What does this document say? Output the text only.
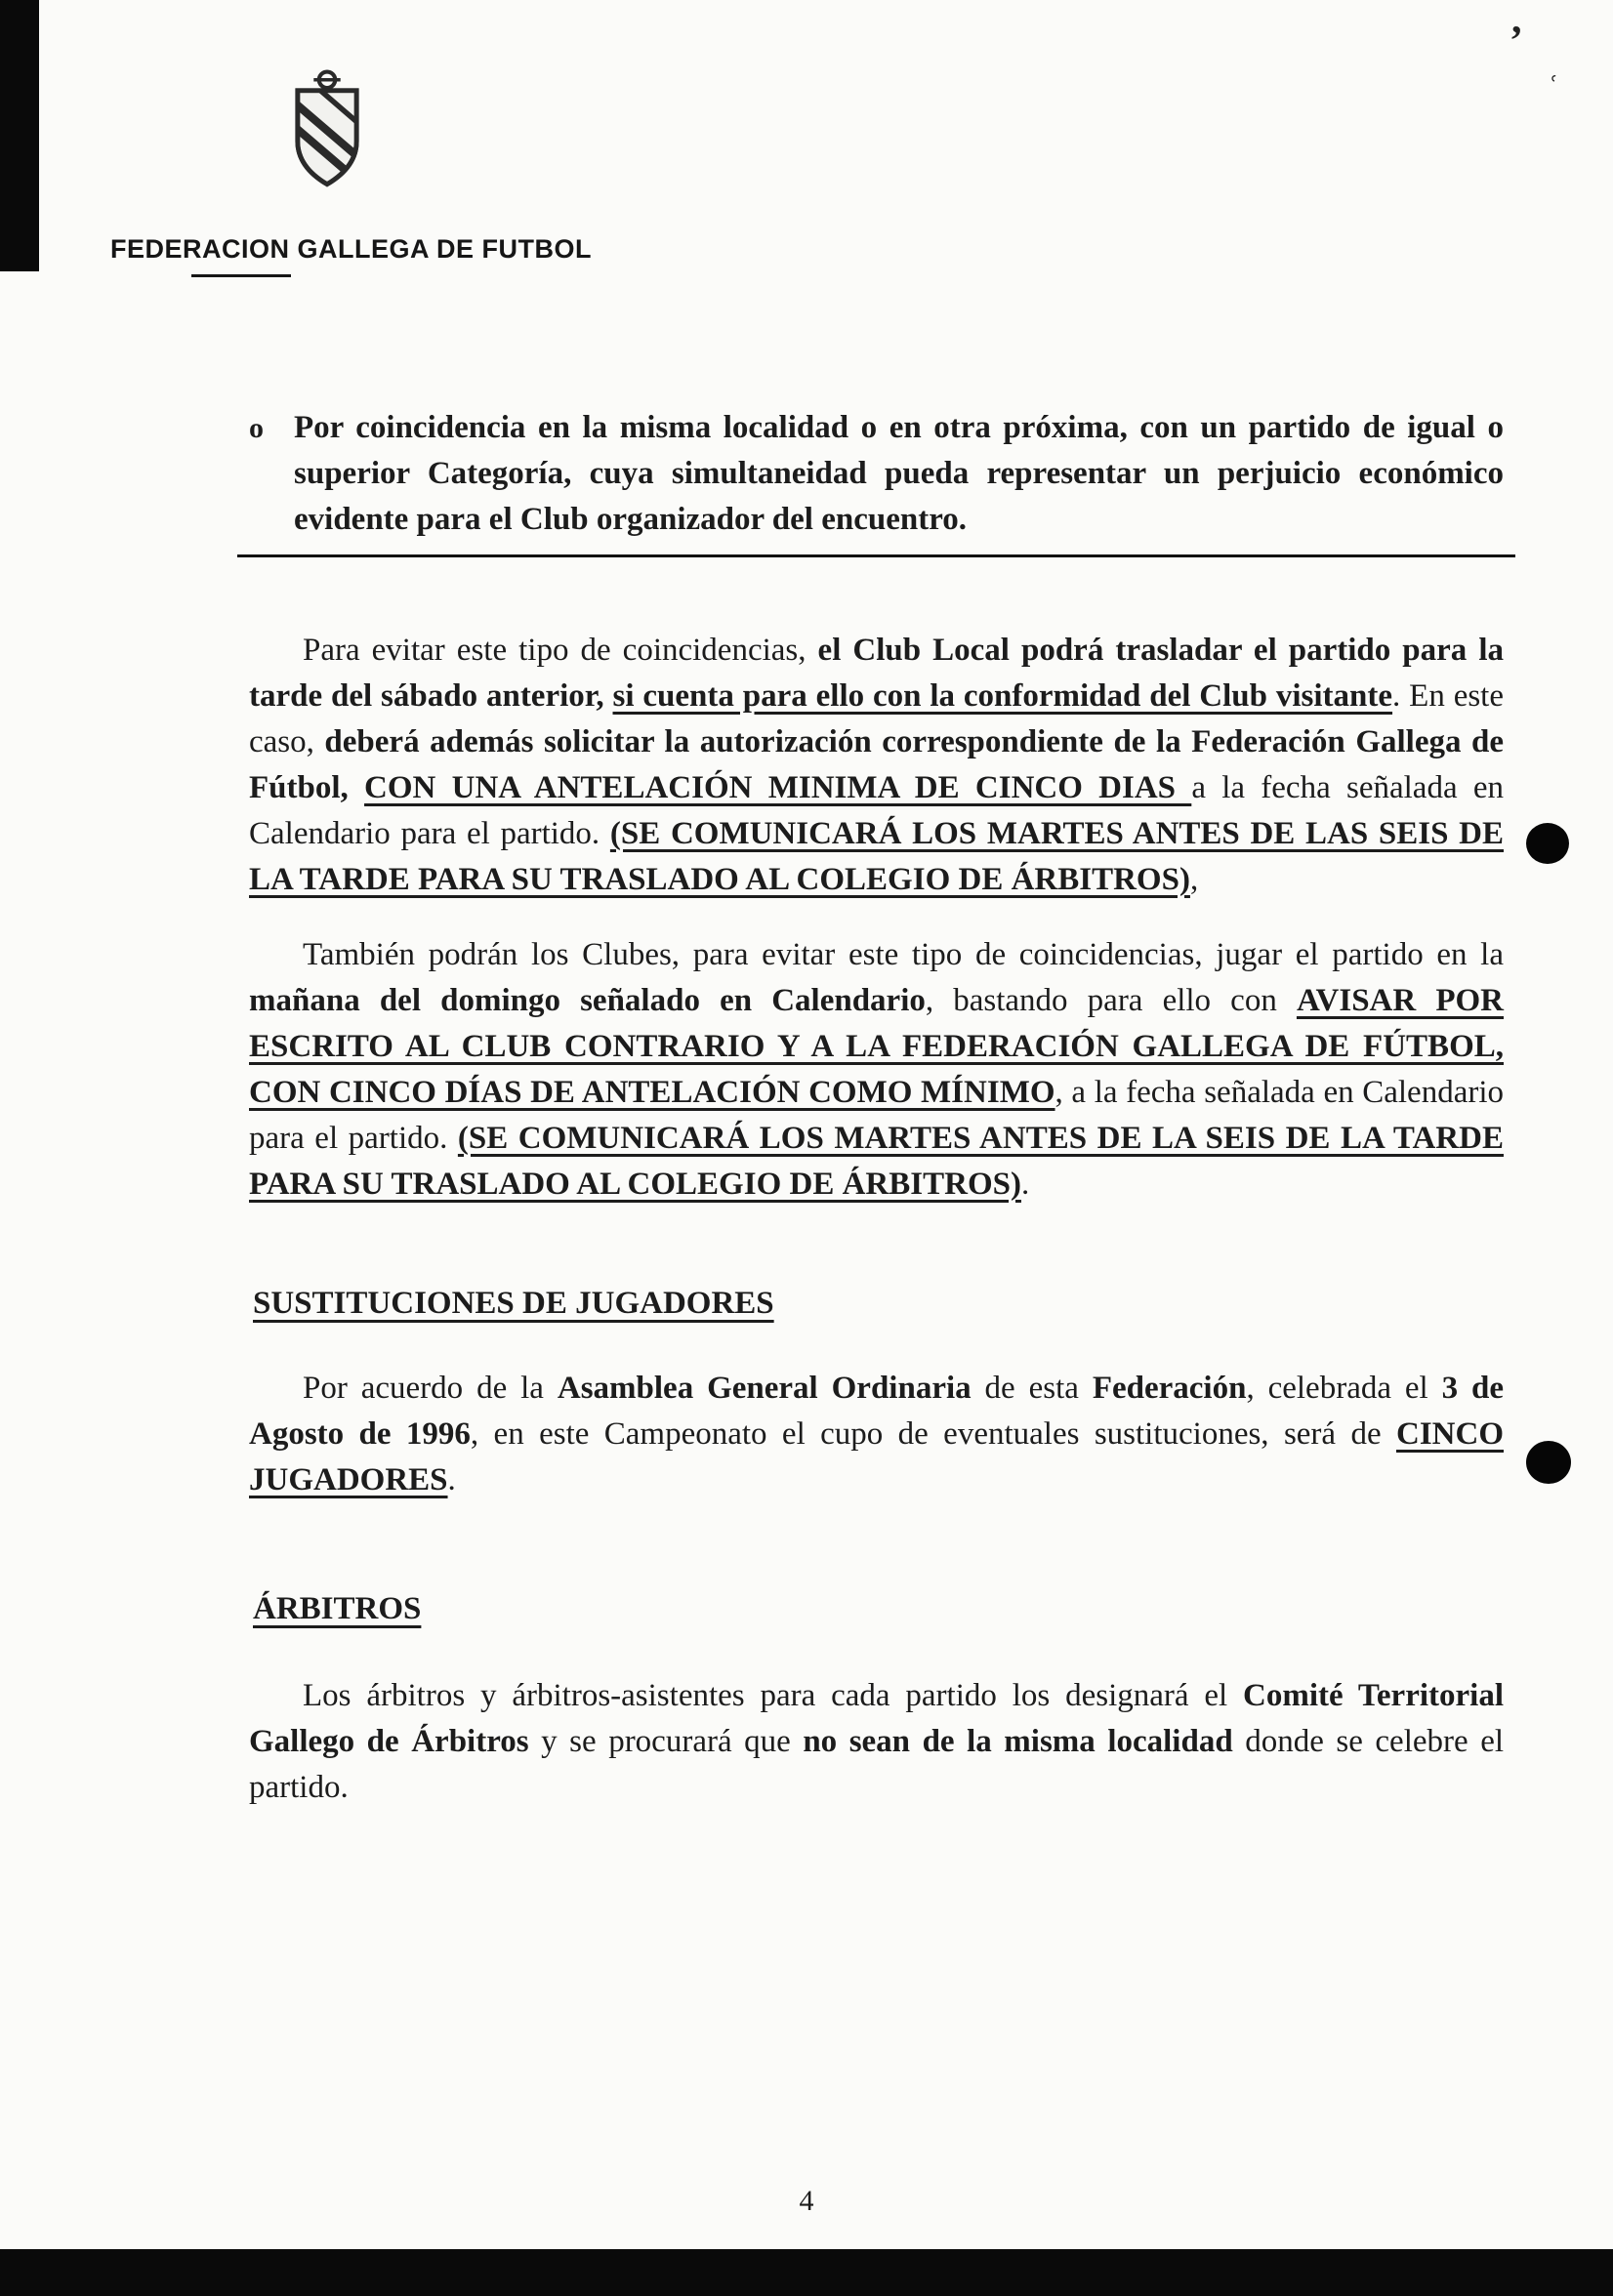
,
ʿ
FEDERACION GALLEGA DE FUTBOL
o Por coincidencia en la misma localidad o en otra próxima, con un partido de igual o superior Categoría, cuya simultaneidad pueda representar un perjuicio económico evidente para el Club organizador del encuentro.

Para evitar este tipo de coincidencias, el Club Local podrá trasladar el partido para la tarde del sábado anterior, si cuenta para ello con la conformidad del Club visitante. En este caso, deberá además solicitar la autorización correspondiente de la Federación Gallega de Fútbol, CON UNA ANTELACIÓN MINIMA DE CINCO DIAS a la fecha señalada en Calendario para el partido. (SE COMUNICARÁ LOS MARTES ANTES DE LAS SEIS DE LA TARDE PARA SU TRASLADO AL COLEGIO DE ÁRBITROS),

También podrán los Clubes, para evitar este tipo de coincidencias, jugar el partido en la mañana del domingo señalado en Calendario, bastando para ello con AVISAR POR ESCRITO AL CLUB CONTRARIO Y A LA FEDERACIÓN GALLEGA DE FÚTBOL, CON CINCO DÍAS DE ANTELACIÓN COMO MÍNIMO, a la fecha señalada en Calendario para el partido. (SE COMUNICARÁ LOS MARTES ANTES DE LA SEIS DE LA TARDE PARA SU TRASLADO AL COLEGIO DE ÁRBITROS).

SUSTITUCIONES DE JUGADORES

Por acuerdo de la Asamblea General Ordinaria de esta Federación, celebrada el 3 de Agosto de 1996, en este Campeonato el cupo de eventuales sustituciones, será de CINCO JUGADORES.

ÁRBITROS

Los árbitros y árbitros-asistentes para cada partido los designará el Comité Territorial Gallego de Árbitros y se procurará que no sean de la misma localidad donde se celebre el partido.

4
